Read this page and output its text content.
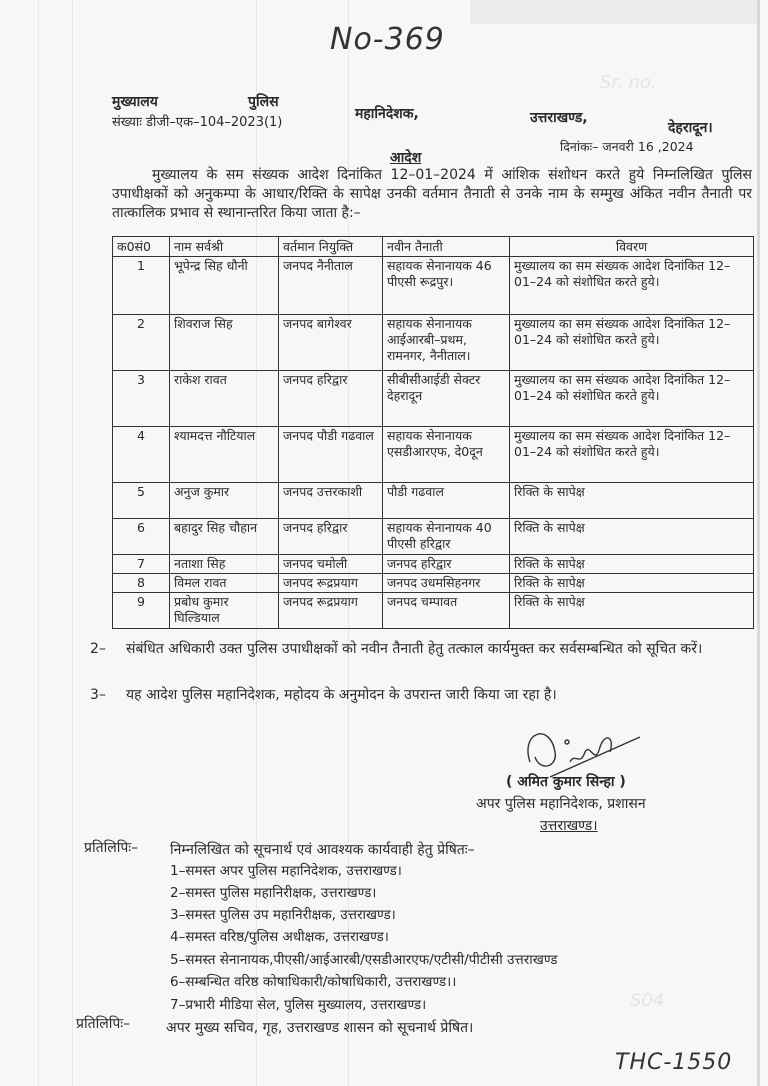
Sr. no.
S04
No-369
मुख्यालय	पुलिस
महानिदेशक,	उत्तराखण्ड,
देहरादून।
संख्याः डीजी–एक–104–2023(1)
दिनांकः– जनवरी 16 ,2024
आदेश
मुख्यालय के सम संख्यक आदेश दिनांकित 12–01–2024 में आंशिक संशोधन करते हुये निम्नलिखित पुलिस उपाधीक्षकों को अनुकम्पा के आधार/रिक्ति के सापेक्ष उनकी वर्तमान तैनाती से उनके नाम के सम्मुख अंकित नवीन तैनाती पर तात्कालिक प्रभाव से स्थानान्तरित किया जाता है:–
क0सं0	नाम सर्वश्री	वर्तमान नियुक्ति	नवीन तैनाती	विवरण
1	भूपेन्द्र सिह धौनी	जनपद नैनीताल	सहायक सेनानायक 46 पीएसी रूद्रपुर।	मुख्यालय का सम संख्यक आदेश दिनांकित 12–01–24 को संशोधित करते हुये।
2	शिवराज सिह	जनपद बागेश्वर	सहायक सेनानायक आईआरबी–प्रथम, रामनगर, नैनीताल।	मुख्यालय का सम संख्यक आदेश दिनांकित 12–01–24 को संशोधित करते हुये।
3	राकेश रावत	जनपद हरिद्वार	सीबीसीआईडी सेक्टर देहरादून	मुख्यालय का सम संख्यक आदेश दिनांकित 12–01–24 को संशोधित करते हुये।
4	श्यामदत्त नौटियाल	जनपद पौडी गढवाल	सहायक सेनानायक एसडीआरएफ, दे0दून	मुख्यालय का सम संख्यक आदेश दिनांकित 12–01–24 को संशोधित करते हुये।
5	अनुज कुमार	जनपद उत्तरकाशी	पौडी गढवाल	रिक्ति के सापेक्ष
6	बहादुर सिह चौहान	जनपद हरिद्वार	सहायक सेनानायक 40 पीएसी हरिद्वार	रिक्ति के सापेक्ष
7	नताशा सिह	जनपद चमोली	जनपद हरिद्वार	रिक्ति के सापेक्ष
8	विमल रावत	जनपद रूद्रप्रयाग	जनपद उधमसिहनगर	रिक्ति के सापेक्ष
9	प्रबोध कुमार घिल्डियाल	जनपद रूद्रप्रयाग	जनपद चम्पावत	रिक्ति के सापेक्ष
2– संबंधित अधिकारी उक्त पुलिस उपाधीक्षकों को नवीन तैनाती हेतु तत्काल कार्यमुक्त कर सर्वसम्बन्धित को सूचित करें।
3– यह आदेश पुलिस महानिदेशक, महोदय के अनुमोदन के उपरान्त जारी किया जा रहा है।
( अमित कुमार सिन्हा )
अपर पुलिस महानिदेशक, प्रशासन
उत्तराखण्ड।
प्रतिलिपिः– निम्नलिखित को सूचनार्थ एवं आवश्यक कार्यवाही हेतु प्रेषितः–
1–समस्त अपर पुलिस महानिदेशक, उत्तराखण्ड।
2–समस्त पुलिस महानिरीक्षक, उत्तराखण्ड।
3–समस्त पुलिस उप महानिरीक्षक, उत्तराखण्ड।
4–समस्त वरिष्ठ/पुलिस अधीक्षक, उत्तराखण्ड।
5–समस्त सेनानायक,पीएसी/आईआरबी/एसडीआरएफ/एटीसी/पीटीसी उत्तराखण्ड
6–सम्बन्धित वरिष्ठ कोषाधिकारी/कोषाधिकारी, उत्तराखण्ड।।
7–प्रभारी मीडिया सेल, पुलिस मुख्यालय, उत्तराखण्ड।
प्रतिलिपिः–	अपर मुख्य सचिव, गृह, उत्तराखण्ड शासन को सूचनार्थ प्रेषित।
THC-1550
